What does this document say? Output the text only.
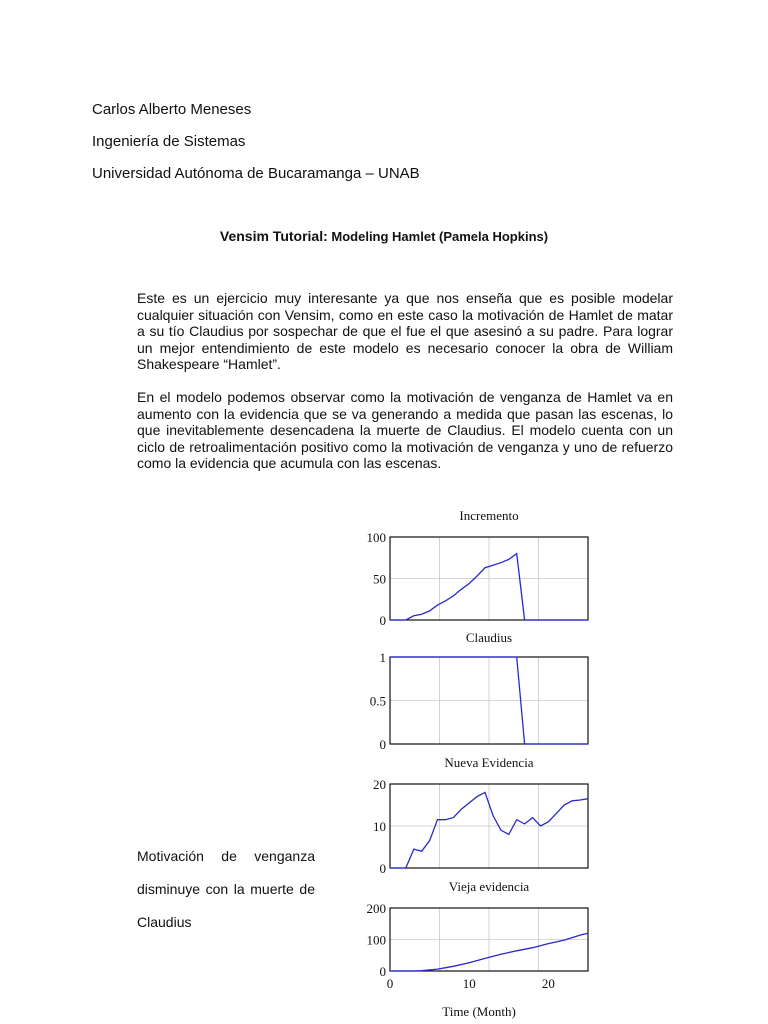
Carlos Alberto Meneses
Ingeniería de Sistemas
Universidad Autónoma de Bucaramanga – UNAB
Vensim Tutorial: Modeling Hamlet (Pamela Hopkins)
Este es un ejercicio muy interesante ya que nos enseña que es posible modelar cualquier situación con Vensim, como en este caso la motivación de Hamlet de matar a su tío Claudius por sospechar de que el fue el que asesinó a su padre. Para lograr un mejor entendimiento de este modelo es necesario conocer la obra de William Shakespeare “Hamlet”.
En el modelo podemos observar como la motivación de venganza de Hamlet va en aumento con la evidencia que se va generando a medida que pasan las escenas, lo que inevitablemente desencadena la muerte de Claudius. El modelo cuenta con un ciclo de retroalimentación positivo como la motivación de venganza y uno de refuerzo como la evidencia que acumula con las escenas.
Motivación de venganza disminuye con la muerte de Claudius
Incremento
0
50
100
Claudius
0
0.5
1
Nueva Evidencia
0
10
20
Vieja evidencia
0
100
200
0	10	20
Time (Month)
